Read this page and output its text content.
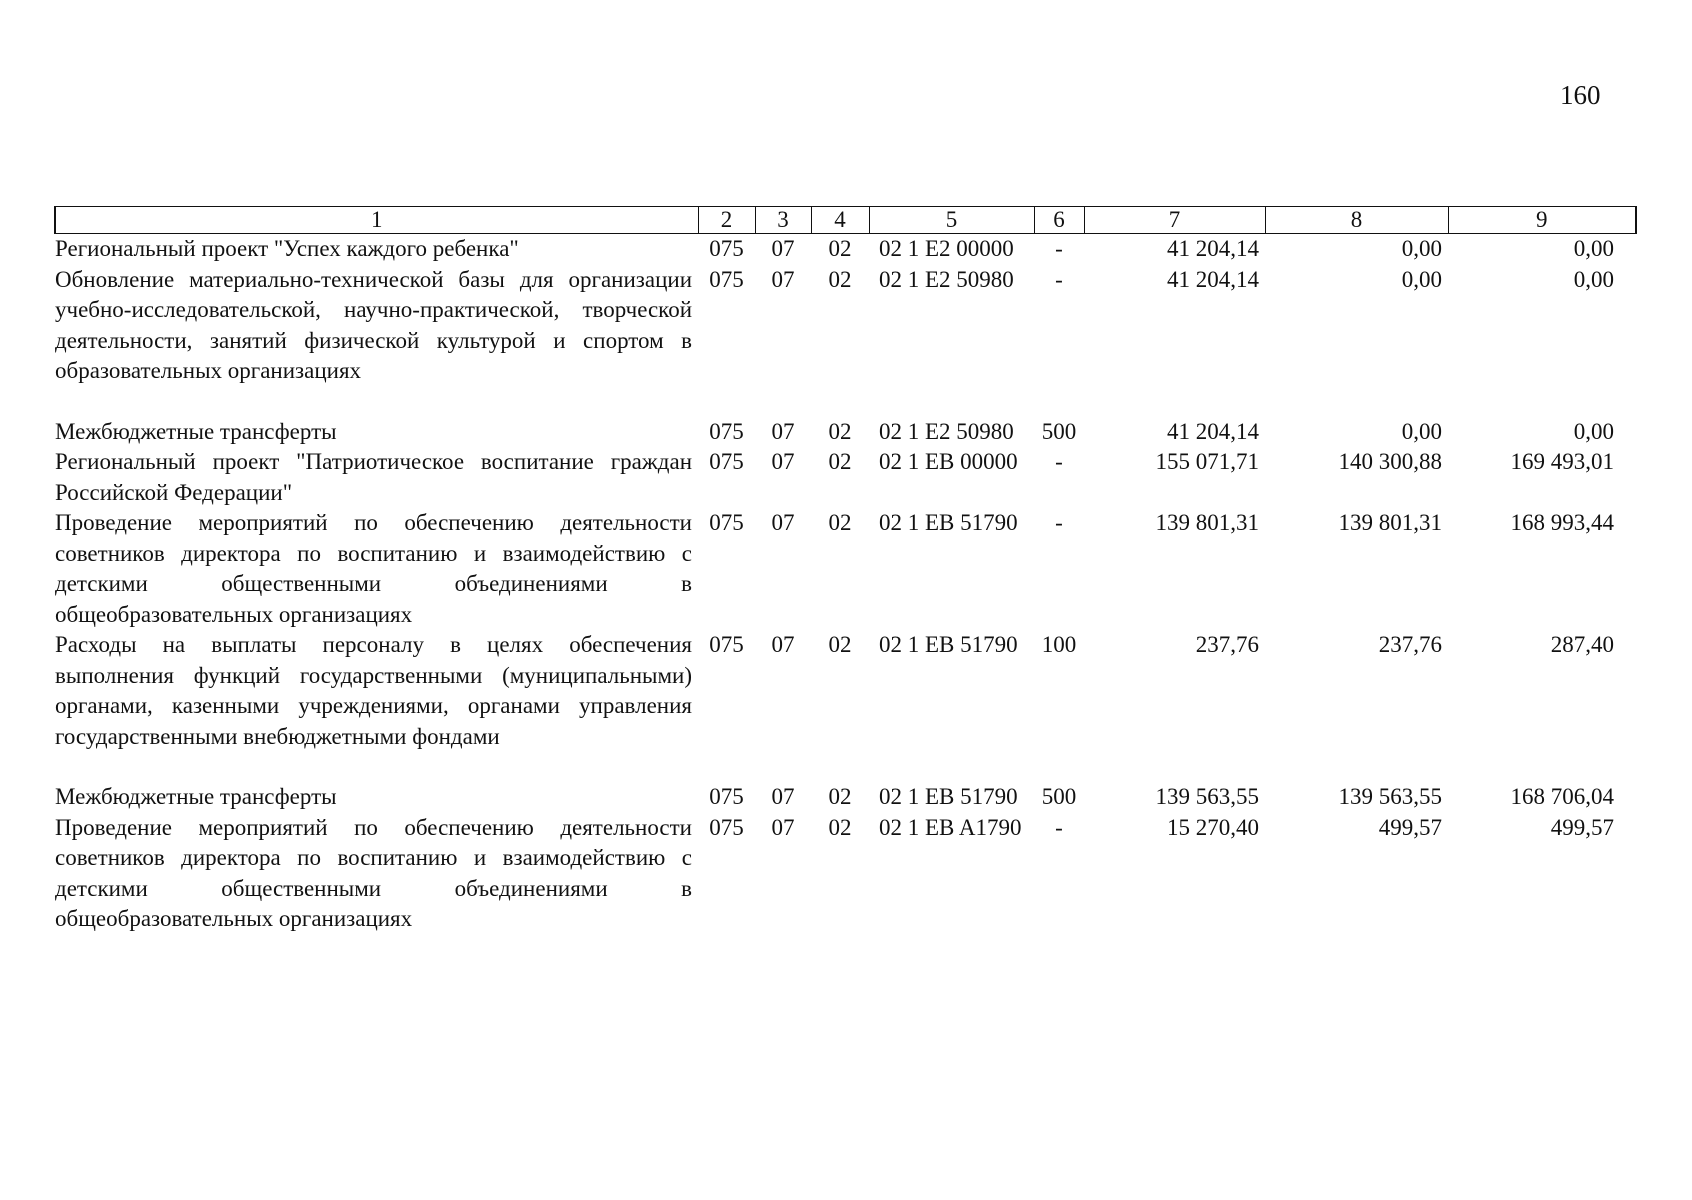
160
1	2	3	4	5	6	7	8	9
Региональный проект "Успех каждого ребенка"	075	07	02	02 1 E2 00000	-	41 204,14	0,00	0,00
Обновление материально-технической базы для организации учебно-исследовательской, научно-практической, творческой деятельности, занятий физической культурой и спортом в образовательных организациях	075	07	02	02 1 E2 50980	-	41 204,14	0,00	0,00
Межбюджетные трансферты	075	07	02	02 1 E2 50980	500	41 204,14	0,00	0,00
Региональный проект "Патриотическое воспитание граждан Российской Федерации"	075	07	02	02 1 EB 00000	-	155 071,71	140 300,88	169 493,01
Проведение мероприятий по обеспечению деятельности советников директора по воспитанию и взаимодействию с детскими общественными объединениями в общеобразовательных организациях	075	07	02	02 1 EB 51790	-	139 801,31	139 801,31	168 993,44
Расходы на выплаты персоналу в целях обеспечения выполнения функций государственными (муниципальными) органами, казенными учреждениями, органами управления государственными внебюджетными фондами	075	07	02	02 1 EB 51790	100	237,76	237,76	287,40
Межбюджетные трансферты	075	07	02	02 1 EB 51790	500	139 563,55	139 563,55	168 706,04
Проведение мероприятий по обеспечению деятельности советников директора по воспитанию и взаимодействию с детскими общественными объединениями в общеобразовательных организациях	075	07	02	02 1 EB A1790	-	15 270,40	499,57	499,57
